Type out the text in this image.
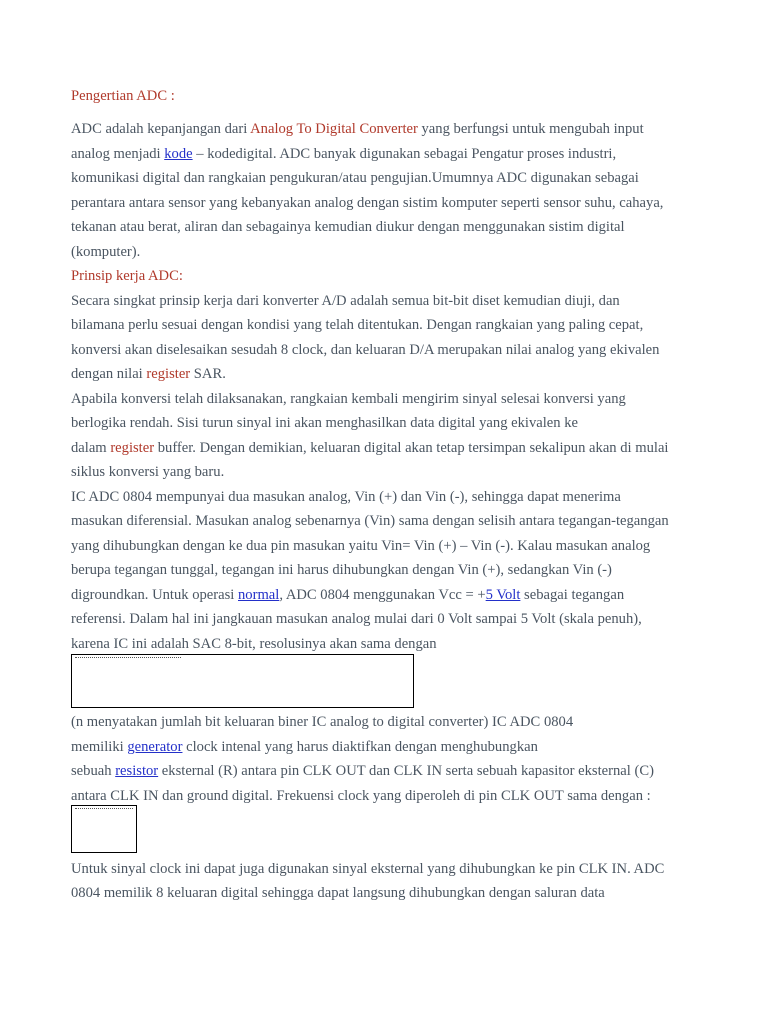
Pengertian ADC :
ADC adalah kepanjangan dari Analog To Digital Converter yang berfungsi untuk mengubah input
analog menjadi kode – kodedigital. ADC banyak digunakan sebagai Pengatur proses industri,
komunikasi digital dan rangkaian pengukuran/atau pengujian.Umumnya ADC digunakan sebagai
perantara antara sensor yang kebanyakan analog dengan sistim komputer seperti sensor suhu, cahaya,
tekanan atau berat, aliran dan sebagainya kemudian diukur dengan menggunakan sistim digital
(komputer).
Prinsip kerja ADC:
Secara singkat prinsip kerja dari konverter A/D adalah semua bit-bit diset kemudian diuji, dan
bilamana perlu sesuai dengan kondisi yang telah ditentukan. Dengan rangkaian yang paling cepat,
konversi akan diselesaikan sesudah 8 clock, dan keluaran D/A merupakan nilai analog yang ekivalen
dengan nilai register SAR.
Apabila konversi telah dilaksanakan, rangkaian kembali mengirim sinyal selesai konversi yang
berlogika rendah. Sisi turun sinyal ini akan menghasilkan data digital yang ekivalen ke
dalam register buffer. Dengan demikian, keluaran digital akan tetap tersimpan sekalipun akan di mulai
siklus konversi yang baru.
IC ADC 0804 mempunyai dua masukan analog, Vin (+) dan Vin (-), sehingga dapat menerima
masukan diferensial. Masukan analog sebenarnya (Vin) sama dengan selisih antara tegangan-tegangan
yang dihubungkan dengan ke dua pin masukan yaitu Vin= Vin (+) – Vin (-). Kalau masukan analog
berupa tegangan tunggal, tegangan ini harus dihubungkan dengan Vin (+), sedangkan Vin (-)
digroundkan. Untuk operasi normal, ADC 0804 menggunakan Vcc = +5 Volt sebagai tegangan
referensi. Dalam hal ini jangkauan masukan analog mulai dari 0 Volt sampai 5 Volt (skala penuh),
karena IC ini adalah SAC 8-bit, resolusinya akan sama dengan
(n menyatakan jumlah bit keluaran biner IC analog to digital converter) IC ADC 0804
memiliki generator clock intenal yang harus diaktifkan dengan menghubungkan
sebuah resistor eksternal (R) antara pin CLK OUT dan CLK IN serta sebuah kapasitor eksternal (C)
antara CLK IN dan ground digital. Frekuensi clock yang diperoleh di pin CLK OUT sama dengan :
Untuk sinyal clock ini dapat juga digunakan sinyal eksternal yang dihubungkan ke pin CLK IN. ADC
0804 memilik 8 keluaran digital sehingga dapat langsung dihubungkan dengan saluran data
